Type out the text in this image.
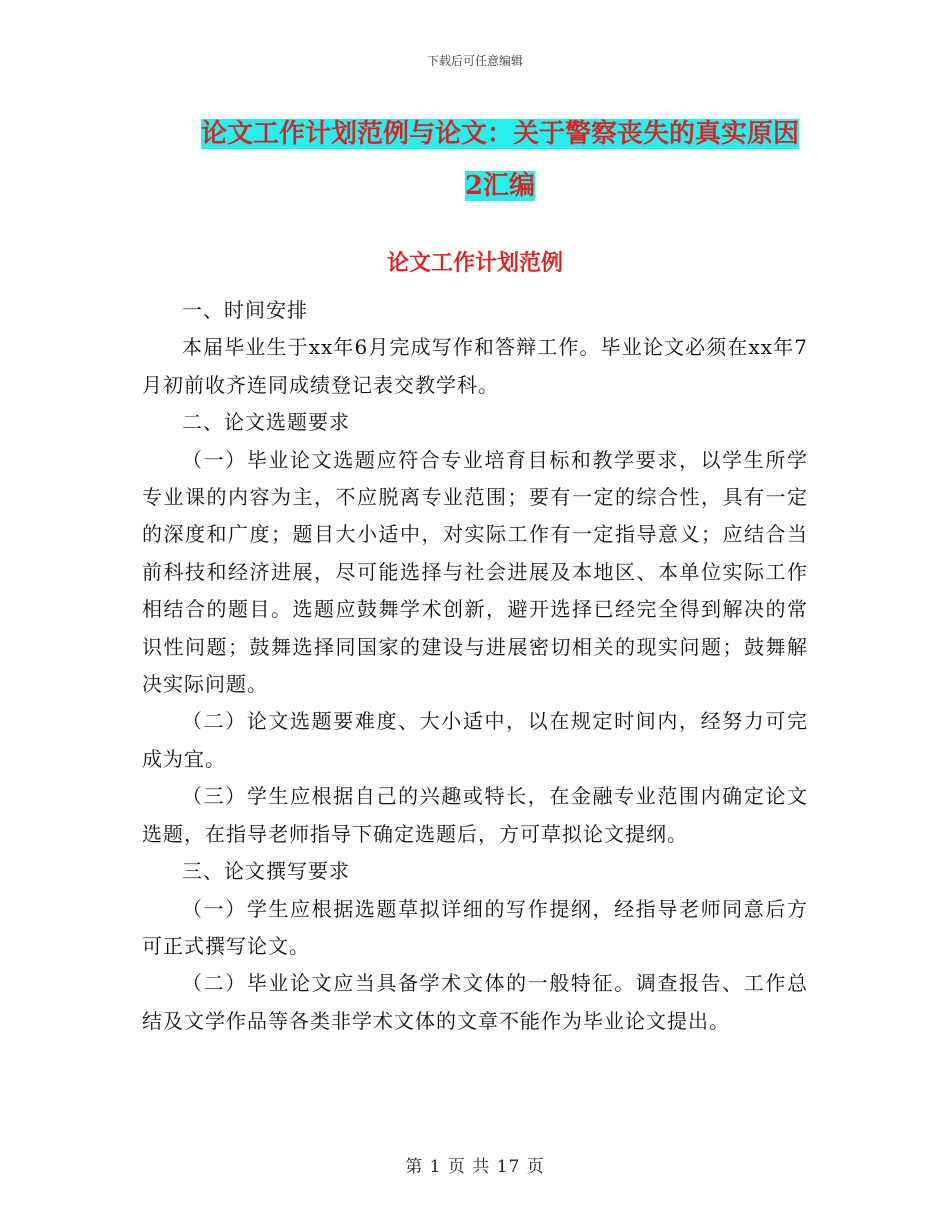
下载后可任意编辑
论文工作计划范例与论文：关于警察丧失的真实原因
2汇编
论文工作计划范例

一、时间安排

本届毕业生于xx年6月完成写作和答辩工作。毕业论文必须在xx年7月初前收齐连同成绩登记表交教学科。

二、论文选题要求

（一）毕业论文选题应符合专业培育目标和教学要求，以学生所学专业课的内容为主，不应脱离专业范围；要有一定的综合性，具有一定的深度和广度；题目大小适中，对实际工作有一定指导意义；应结合当前科技和经济进展，尽可能选择与社会进展及本地区、本单位实际工作相结合的题目。选题应鼓舞学术创新，避开选择已经完全得到解决的常识性问题；鼓舞选择同国家的建设与进展密切相关的现实问题；鼓舞解决实际问题。

（二）论文选题要难度、大小适中，以在规定时间内，经努力可完成为宜。

（三）学生应根据自己的兴趣或特长，在金融专业范围内确定论文选题，在指导老师指导下确定选题后，方可草拟论文提纲。

三、论文撰写要求

（一）学生应根据选题草拟详细的写作提纲，经指导老师同意后方可正式撰写论文。

（二）毕业论文应当具备学术文体的一般特征。调查报告、工作总结及文学作品等各类非学术文体的文章不能作为毕业论文提出。

第 1 页 共 17 页
